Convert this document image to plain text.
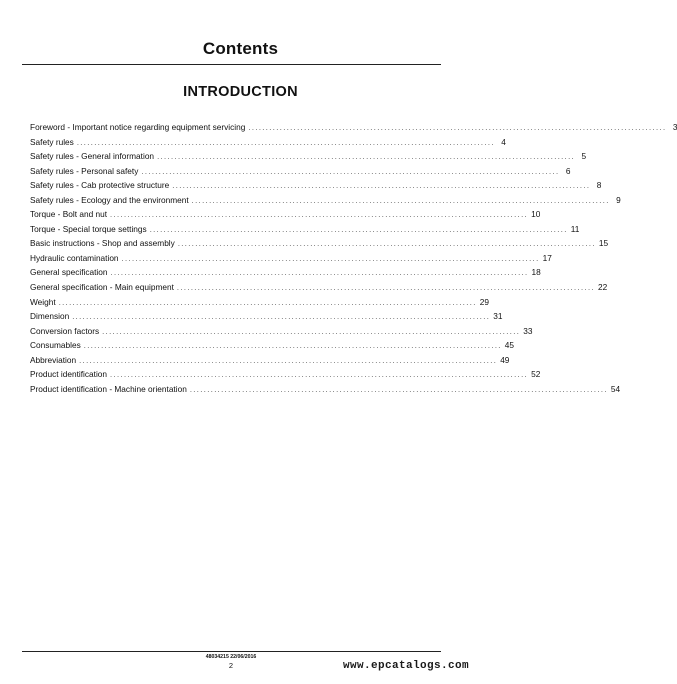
Contents
INTRODUCTION
Foreword - Important notice regarding equipment servicing ........................................................................................................................ 3
Safety rules ........................................................................................................................ 4
Safety rules - General information ........................................................................................................................ 5
Safety rules - Personal safety ........................................................................................................................ 6
Safety rules - Cab protective structure ........................................................................................................................ 8
Safety rules - Ecology and the environment ........................................................................................................................ 9
Torque - Bolt and nut ........................................................................................................................ 10
Torque - Special torque settings ........................................................................................................................ 11
Basic instructions - Shop and assembly ........................................................................................................................ 15
Hydraulic contamination ........................................................................................................................ 17
General specification ........................................................................................................................ 18
General specification - Main equipment ........................................................................................................................ 22
Weight ........................................................................................................................ 29
Dimension ........................................................................................................................ 31
Conversion factors ........................................................................................................................ 33
Consumables ........................................................................................................................ 45
Abbreviation ........................................................................................................................ 49
Product identification ........................................................................................................................ 52
Product identification - Machine orientation ........................................................................................................................ 54
48034215 22/06/2016
2	www.epcatalogs.com
